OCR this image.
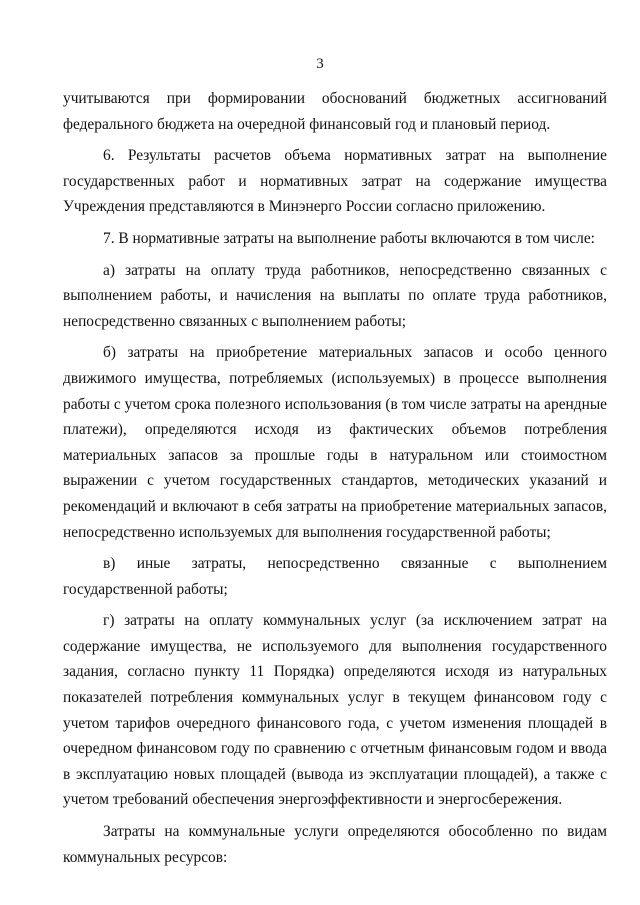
3

учитываются при формировании обоснований бюджетных ассигнований федерального бюджета на очередной финансовый год и плановый период.

6. Результаты расчетов объема нормативных затрат на выполнение государственных работ и нормативных затрат на содержание имущества Учреждения представляются в Минэнерго России согласно приложению.

7. В нормативные затраты на выполнение работы включаются в том числе:

а) затраты на оплату труда работников, непосредственно связанных с выполнением работы, и начисления на выплаты по оплате труда работников, непосредственно связанных с выполнением работы;

б) затраты на приобретение материальных запасов и особо ценного движимого имущества, потребляемых (используемых) в процессе выполнения работы с учетом срока полезного использования (в том числе затраты на арендные платежи), определяются исходя из фактических объемов потребления материальных запасов за прошлые годы в натуральном или стоимостном выражении с учетом государственных стандартов, методических указаний и рекомендаций и включают в себя затраты на приобретение материальных запасов, непосредственно используемых для выполнения государственной работы;

в) иные затраты, непосредственно связанные с выполнением государственной работы;

г) затраты на оплату коммунальных услуг (за исключением затрат на содержание имущества, не используемого для выполнения государственного задания, согласно пункту 11 Порядка) определяются исходя из натуральных показателей потребления коммунальных услуг в текущем финансовом году с учетом тарифов очередного финансового года, с учетом изменения площадей в очередном финансовом году по сравнению с отчетным финансовым годом и ввода в эксплуатацию новых площадей (вывода из эксплуатации площадей), а также с учетом требований обеспечения энергоэффективности и энергосбережения.

Затраты на коммунальные услуги определяются обособленно по видам коммунальных ресурсов:
